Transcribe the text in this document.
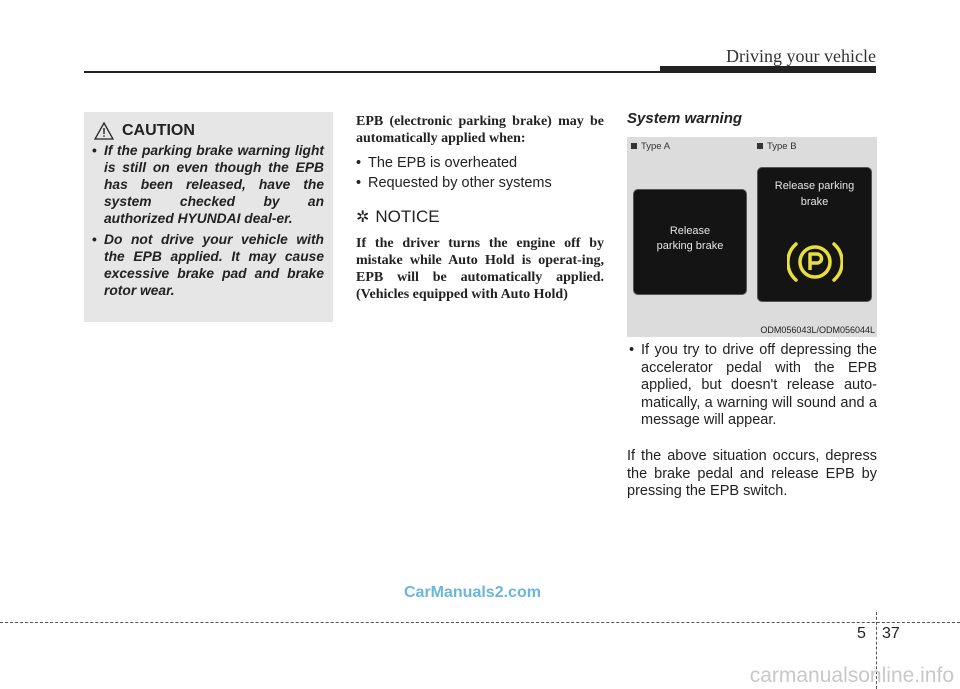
Driving your vehicle
CAUTION
• If the parking brake warning light is still on even though the EPB has been released, have the system checked by an authorized HYUNDAI deal-er.
• Do not drive your vehicle with the EPB applied. It may cause excessive brake pad and brake rotor wear.

EPB (electronic parking brake) may be automatically applied when:

• The EPB is overheated
• Requested by other systems
✲ NOTICE

If the driver turns the engine off by mistake while Auto Hold is operat-ing, EPB will be automatically applied. (Vehicles equipped with Auto Hold)

System warning
Type A	Type B
Release
parking brake
Release parking
brake
ODM056043L/ODM056044L
• If you try to drive off depressing the accelerator pedal with the EPB applied, but doesn't release auto-matically, a warning will sound and a message will appear.

If the above situation occurs, depress the brake pedal and release EPB by pressing the EPB switch.

CarManuals2.com
5 37
carmanualsonline.info
